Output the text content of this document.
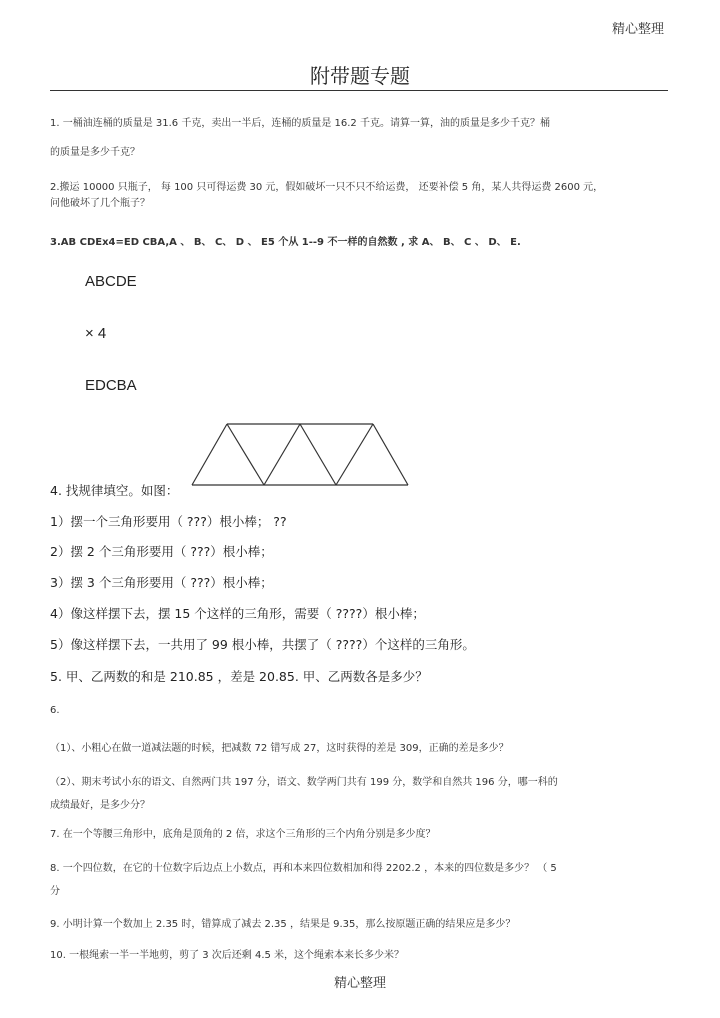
精心整理
附带题专题
1. 一桶油连桶的质量是 31.6 千克，卖出一半后，连桶的质量是 16.2 千克。请算一算，油的质量是多少千克？桶
的质量是多少千克？
2.搬运 10000 只瓶子， 每 100 只可得运费 30 元，假如破坏一只不只不给运费， 还要补偿 5 角，某人共得运费 2600 元，
问他破坏了几个瓶子？
3.AB CDEx4=ED CBA,A 、 B、 C、 D 、 E5 个从 1--9 不一样的自然数 , 求 A、 B、 C 、 D、 E.
ABCDE
× 4
EDCBA
4. 找规律填空。如图：
1）摆一个三角形要用（ ???）根小棒； ??
2）摆 2 个三角形要用（ ???）根小棒；
3）摆 3 个三角形要用（ ???）根小棒；
4）像这样摆下去，摆 15 个这样的三角形，需要（ ????）根小棒；
5）像这样摆下去，一共用了 99 根小棒，共摆了（ ????）个这样的三角形。
5. 甲、乙两数的和是 210.85 ，差是 20.85. 甲、乙两数各是多少？
6.
（1）、小粗心在做一道减法题的时候，把减数 72 错写成 27，这时获得的差是 309，正确的差是多少？
（2）、期末考试小东的语文、自然两门共 197 分，语文、数学两门共有 199 分，数学和自然共 196 分，哪一科的
成绩最好，是多少分？
7. 在一个等腰三角形中，底角是顶角的 2 倍，求这个三角形的三个内角分别是多少度？
8. 一个四位数，在它的十位数字后边点上小数点，再和本来四位数相加和得 2202.2 ，本来的四位数是多少？ （ 5
分
9. 小明计算一个数加上 2.35 时，错算成了减去 2.35 ，结果是 9.35，那么按原题正确的结果应是多少？
10. 一根绳索一半一半地剪，剪了 3 次后还剩 4.5 米，这个绳索本来长多少米？
精心整理
